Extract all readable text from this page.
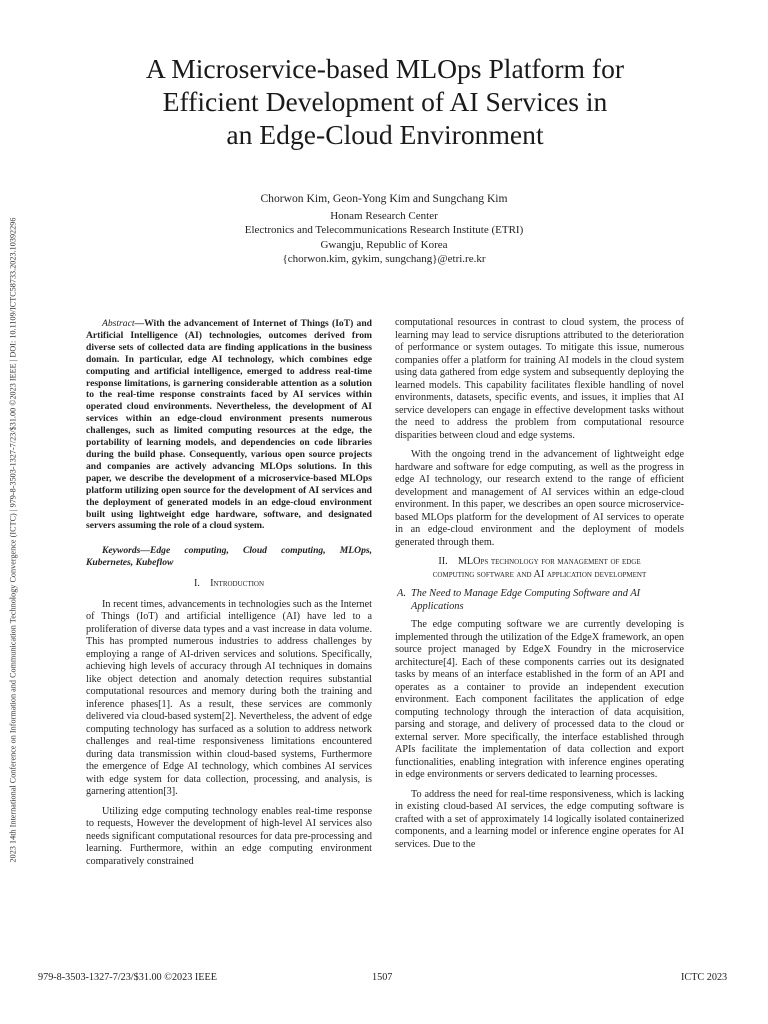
2023 14th International Conference on Information and Communication Technology Convergence (ICTC) | 979-8-3503-1327-7/23/$31.00 ©2023 IEEE | DOI: 10.1109/ICTC58733.2023.10392296
A Microservice-based MLOps Platform for
Efficient Development of AI Services in
an Edge-Cloud Environment
Chorwon Kim, Geon-Yong Kim and Sungchang Kim
Honam Research Center
Electronics and Telecommunications Research Institute (ETRI)
Gwangju, Republic of Korea
{chorwon.kim, gykim, sungchang}@etri.re.kr

Abstract—With the advancement of Internet of Things (IoT) and Artificial Intelligence (AI) technologies, outcomes derived from diverse sets of collected data are finding applications in the business domain. In particular, edge AI technology, which combines edge computing and artificial intelligence, emerged to address real-time response limitations, is garnering considerable attention as a solution to the real-time response constraints faced by AI services within operated cloud environments. Nevertheless, the development of AI services within an edge-cloud environment presents numerous challenges, such as limited computing resources at the edge, the portability of learning models, and dependencies on code libraries during the build phase. Consequently, various open source projects and companies are actively advancing MLOps solutions. In this paper, we describe the development of a microservice-based MLOps platform utilizing open source for the development of AI services and the deployment of generated models in an edge-cloud environment built using lightweight edge hardware, software, and designated servers assuming the role of a cloud system.

Keywords—Edge computing, Cloud computing, MLOps, Kubernetes, Kubeflow

I. Introduction

In recent times, advancements in technologies such as the Internet of Things (IoT) and artificial intelligence (AI) have led to a proliferation of diverse data types and a vast increase in data volume. This has prompted numerous industries to address challenges by employing a range of AI-driven services and solutions. Specifically, achieving high levels of accuracy through AI techniques in domains like object detection and anomaly detection requires substantial computational resources and memory during both the training and inference phases[1]. As a result, these services are commonly delivered via cloud-based system[2]. Nevertheless, the advent of edge computing technology has surfaced as a solution to address network challenges and real-time responsiveness limitations encountered during data transmission within cloud-based systems, Furthermore the emergence of Edge AI technology, which combines AI services with edge system for data collection, processing, and analysis, is garnering attention[3].

Utilizing edge computing technology enables real-time response to requests, However the development of high-level AI services also needs significant computational resources for data pre-processing and learning. Furthermore, within an edge computing environment comparatively constrained

computational resources in contrast to cloud system, the process of learning may lead to service disruptions attributed to the deterioration of performance or system outages. To mitigate this issue, numerous companies offer a platform for training AI models in the cloud system using data gathered from edge system and subsequently deploying the learned models. This capability facilitates flexible handling of novel environments, datasets, specific events, and issues, it implies that AI service developers can engage in effective development tasks without the need to address the problem from computational resource disparities between cloud and edge systems.

With the ongoing trend in the advancement of lightweight edge hardware and software for edge computing, as well as the progress in edge AI technology, our research extend to the range of efficient development and management of AI services within an edge-cloud environment. In this paper, we describes an open source microservice-based MLOps platform for the development of AI services to operate in an edge-cloud environment and the deployment of models generated through them.

II. MLOps technology for management of edge
computing software and AI application development
A. The Need to Manage Edge Computing Software and AI Applications

The edge computing software we are currently developing is implemented through the utilization of the EdgeX framework, an open source project managed by EdgeX Foundry in the microservice architecture[4]. Each of these components carries out its designated tasks by means of an interface established in the form of an API and operates as a container to provide an independent execution environment. Each component facilitates the application of edge computing technology through the interaction of data acquisition, parsing and storage, and delivery of processed data to the cloud or external server. More specifically, the interface established through APIs facilitate the implementation of data collection and export functionalities, enabling integration with inference engines operating in edge environments or servers dedicated to learning processes.

To address the need for real-time responsiveness, which is lacking in existing cloud-based AI services, the edge computing software is crafted with a set of approximately 14 logically isolated containerized components, and a learning model or inference engine operates for AI services. Due to the

979-8-3503-1327-7/23/$31.00 ©2023 IEEE	1507	ICTC 2023
